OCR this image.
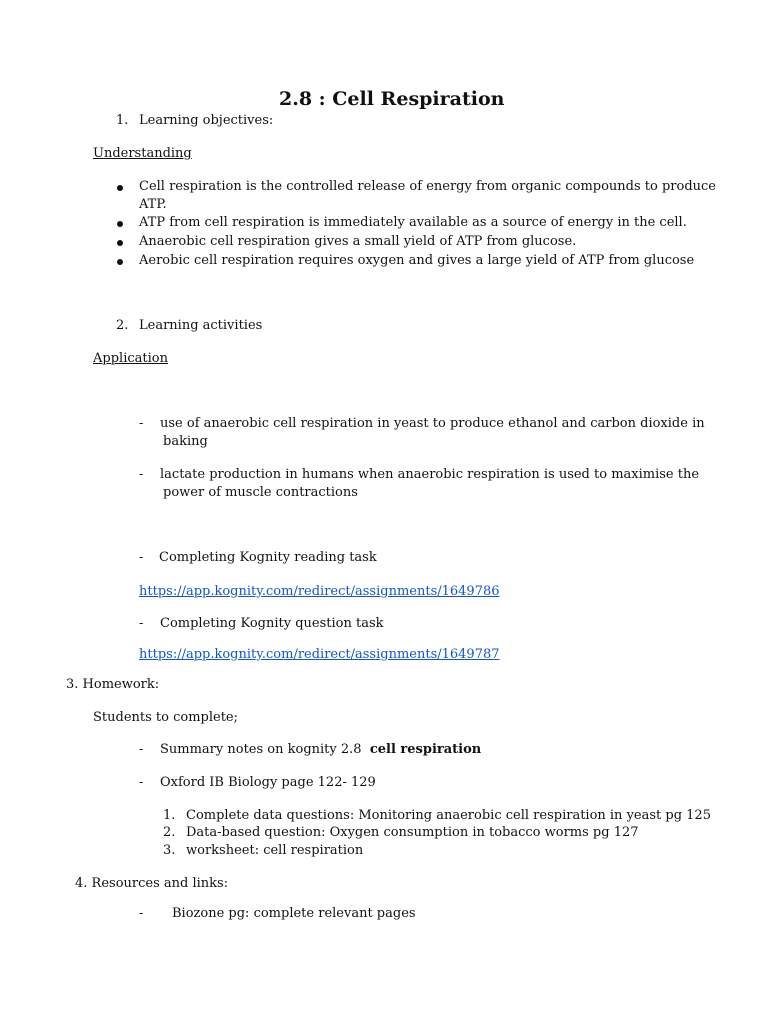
2.8 : Cell Respiration
1. Learning objectives:
Understanding
Cell respiration is the controlled release of energy from organic compounds to produce
ATP.
ATP from cell respiration is immediately available as a source of energy in the cell.
Anaerobic cell respiration gives a small yield of ATP from glucose.
Aerobic cell respiration requires oxygen and gives a large yield of ATP from glucose
2. Learning activities
Application
- use of anaerobic cell respiration in yeast to produce ethanol and carbon dioxide in
baking
- lactate production in humans when anaerobic respiration is used to maximise the
power of muscle contractions
- Completing Kognity reading task
https://app.kognity.com/redirect/assignments/1649786
- Completing Kognity question task
https://app.kognity.com/redirect/assignments/1649787
3. Homework:
Students to complete;
- Summary notes on kognity 2.8 cell respiration
- Oxford IB Biology page 122- 129
1. Complete data questions: Monitoring anaerobic cell respiration in yeast pg 125
2. Data-based question: Oxygen consumption in tobacco worms pg 127
3. worksheet: cell respiration
4. Resources and links:
- Biozone pg: complete relevant pages
